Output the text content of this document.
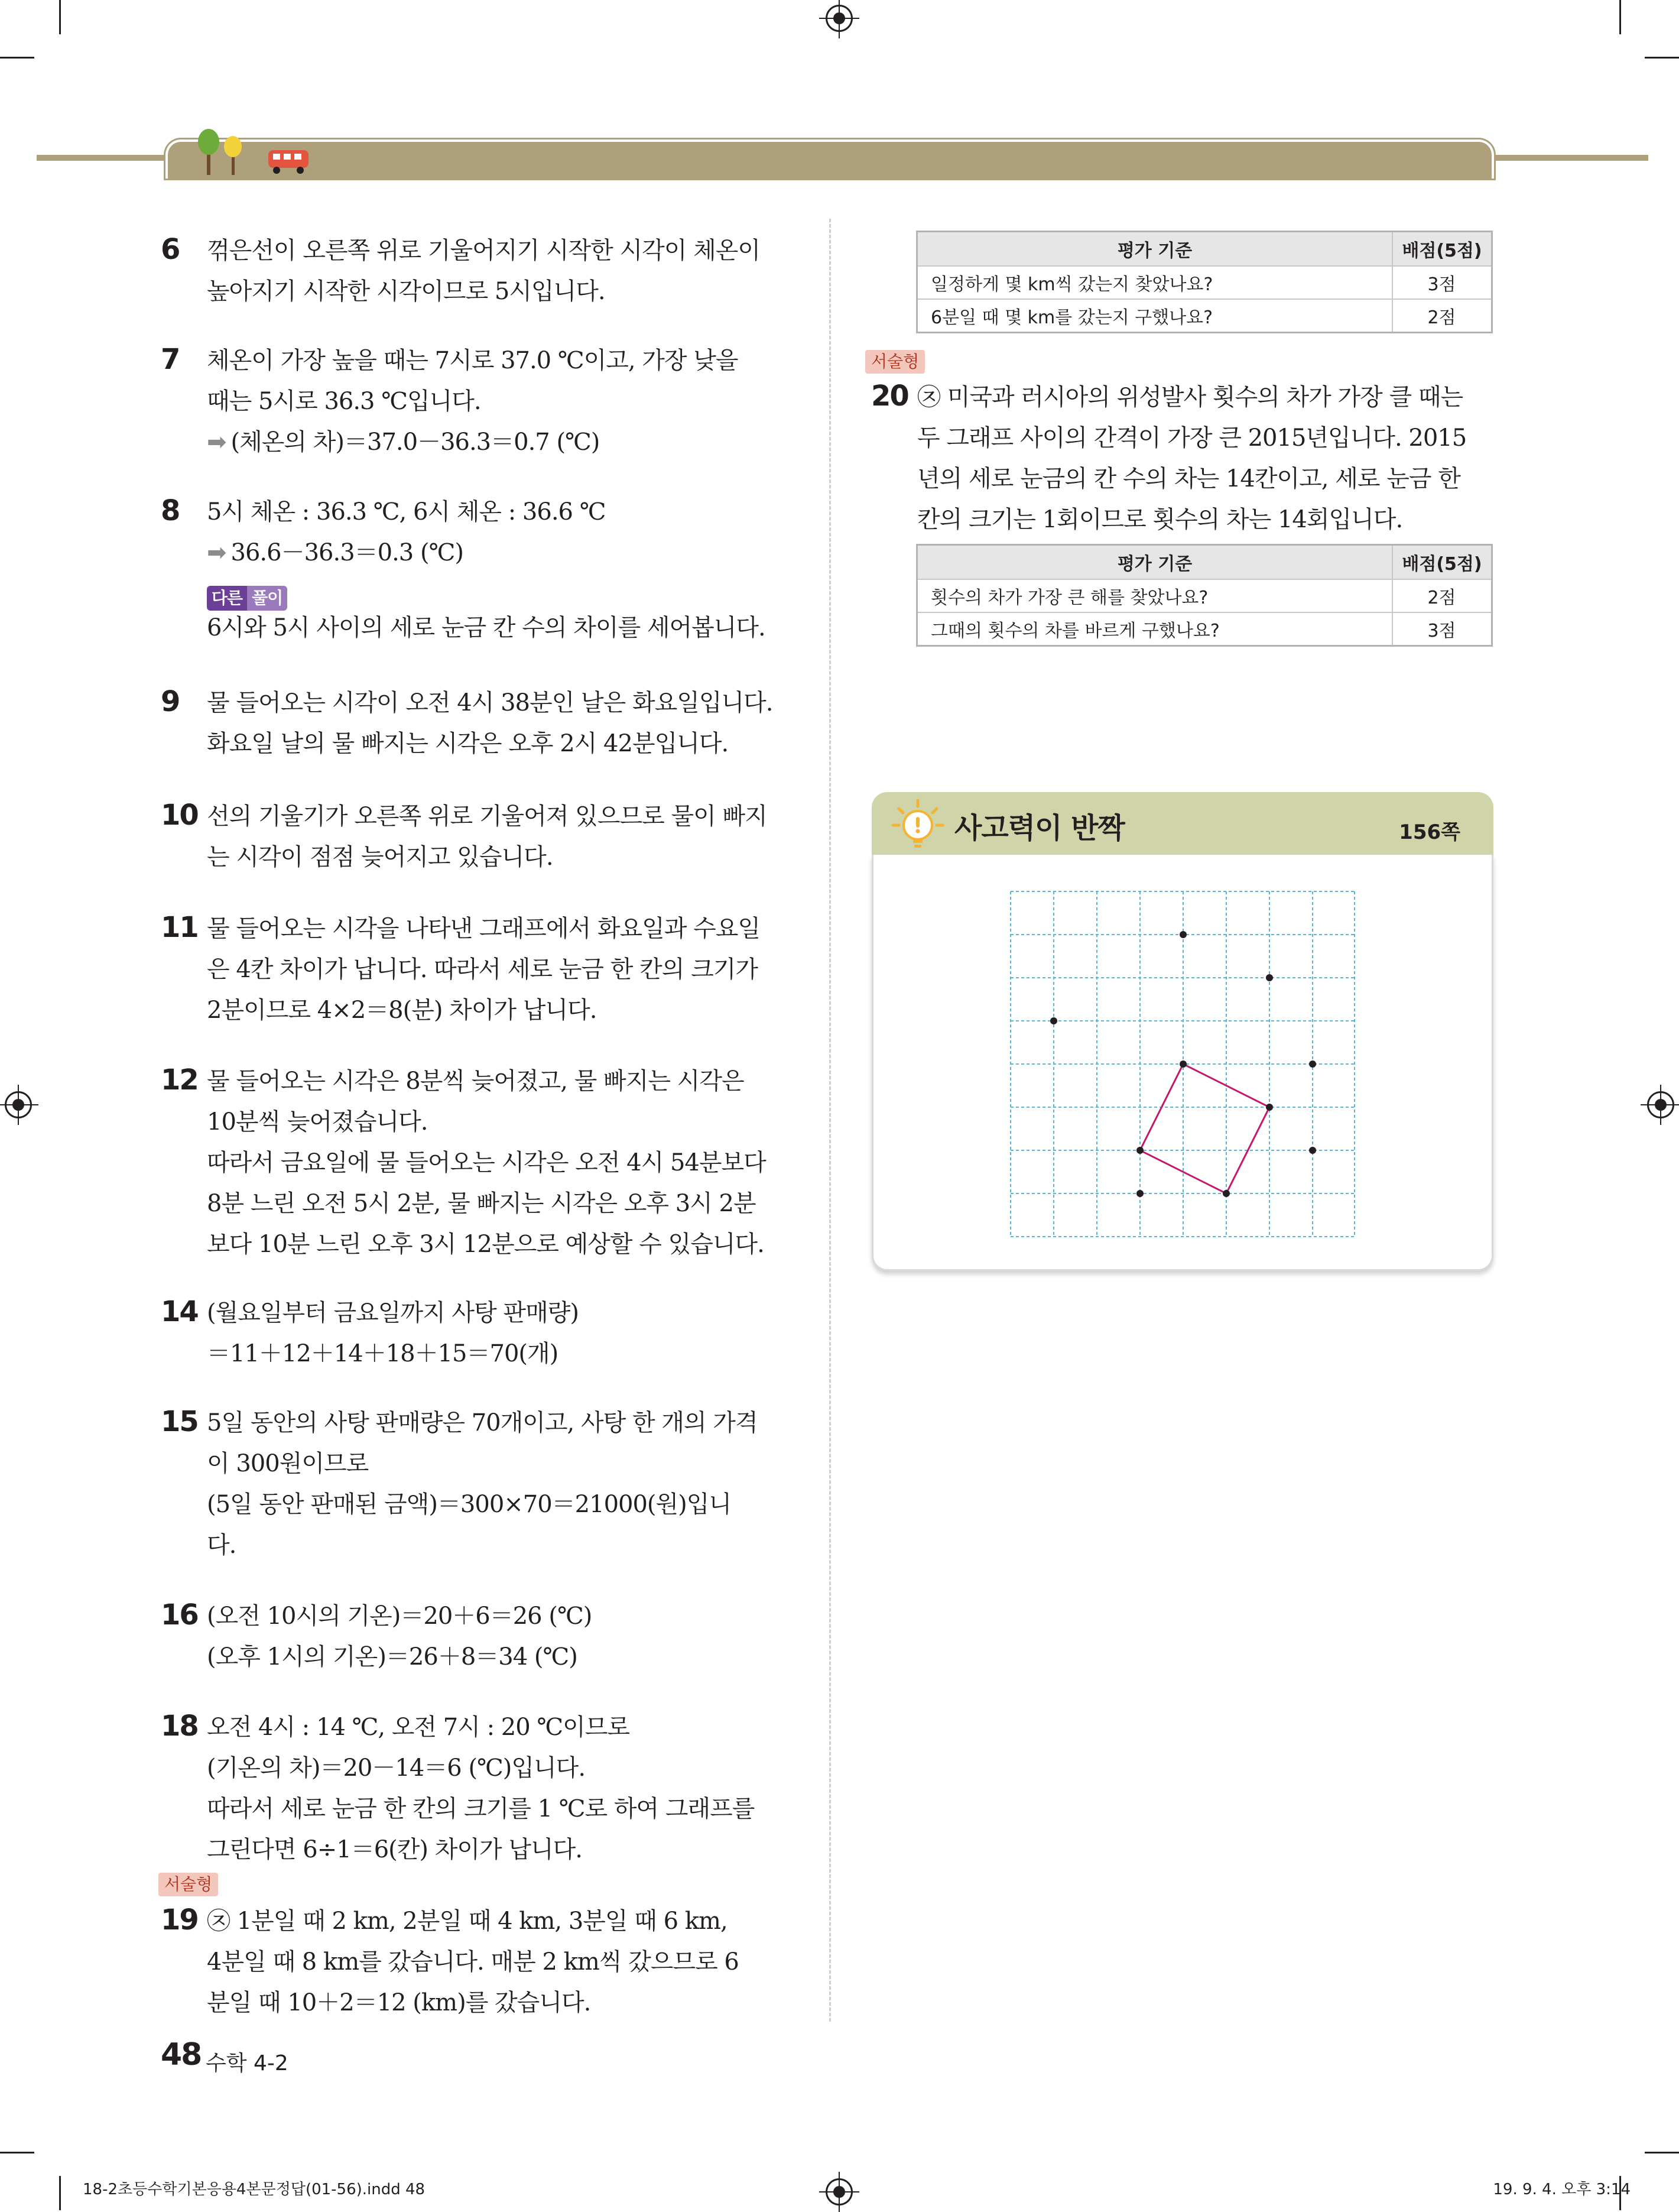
6 꺾은선이 오른쪽 위로 기울어지기 시작한 시각이 체온이
높아지기 시작한 시각이므로 5시입니다.
7 체온이 가장 높을 때는 7시로 37.0 ℃이고, 가장 낮을
때는 5시로 36.3 ℃입니다.
➡ (체온의 차)＝37.0－36.3＝0.7 (℃)
8 5시 체온 : 36.3 ℃, 6시 체온 : 36.6 ℃
➡ 36.6－36.3＝0.3 (℃)
다른 풀이
6시와 5시 사이의 세로 눈금 칸 수의 차이를 세어봅니다.
9 물 들어오는 시각이 오전 4시 38분인 날은 화요일입니다.
화요일 날의 물 빠지는 시각은 오후 2시 42분입니다.
10 선의 기울기가 오른쪽 위로 기울어져 있으므로 물이 빠지
는 시각이 점점 늦어지고 있습니다.
11 물 들어오는 시각을 나타낸 그래프에서 화요일과 수요일
은 4칸 차이가 납니다. 따라서 세로 눈금 한 칸의 크기가
2분이므로 4×2＝8(분) 차이가 납니다.
12 물 들어오는 시각은 8분씩 늦어졌고, 물 빠지는 시각은
10분씩 늦어졌습니다.
따라서 금요일에 물 들어오는 시각은 오전 4시 54분보다
8분 느린 오전 5시 2분, 물 빠지는 시각은 오후 3시 2분
보다 10분 느린 오후 3시 12분으로 예상할 수 있습니다.
14 (월요일부터 금요일까지 사탕 판매량)
＝11＋12＋14＋18＋15＝70(개)
15 5일 동안의 사탕 판매량은 70개이고, 사탕 한 개의 가격
이 300원이므로
(5일 동안 판매된 금액)＝300×70＝21000(원)입니
다.
16 (오전 10시의 기온)＝20＋6＝26 (℃)
(오후 1시의 기온)＝26＋8＝34 (℃)
18 오전 4시 : 14 ℃, 오전 7시 : 20 ℃이므로
(기온의 차)＝20－14＝6 (℃)입니다.
따라서 세로 눈금 한 칸의 크기를 1 ℃로 하여 그래프를
그린다면 6÷1＝6(칸) 차이가 납니다.
서술형
19 ㉨ 1분일 때 2 km, 2분일 때 4 km, 3분일 때 6 km,
4분일 때 8 km를 갔습니다. 매분 2 km씩 갔으므로 6
분일 때 10＋2＝12 (km)를 갔습니다.
평가 기준	배점(5점)
일정하게 몇 km씩 갔는지 찾았나요?	3점
6분일 때 몇 km를 갔는지 구했나요?	2점
서술형
20 ㉨ 미국과 러시아의 위성발사 횟수의 차가 가장 클 때는
두 그래프 사이의 간격이 가장 큰 2015년입니다. 2015
년의 세로 눈금의 칸 수의 차는 14칸이고, 세로 눈금 한
칸의 크기는 1회이므로 횟수의 차는 14회입니다.
평가 기준	배점(5점)
횟수의 차가 가장 큰 해를 찾았나요?	2점
그때의 횟수의 차를 바르게 구했나요?	3점
사고력이 반짝	156쪽
48 수학 4-2
18-2초등수학기본응용4본문정답(01-56).indd 48	19. 9. 4. 오후 3:14
